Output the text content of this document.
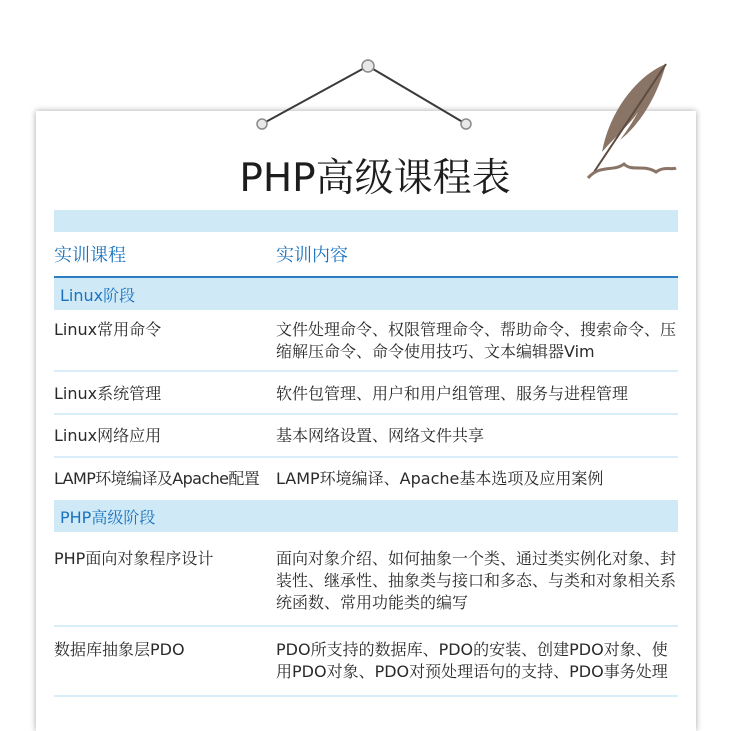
PHP高级课程表
实训课程	实训内容
Linux阶段
Linux常用命令	文件处理命令、权限管理命令、帮助命令、搜索命令、压缩解压命令、命令使用技巧、文本编辑器Vim
Linux系统管理	软件包管理、用户和用户组管理、服务与进程管理
Linux网络应用	基本网络设置、网络文件共享
LAMP环境编译及Apache配置	LAMP环境编译、Apache基本选项及应用案例
PHP高级阶段
PHP面向对象程序设计	面向对象介绍、如何抽象一个类、通过类实例化对象、封装性、继承性、抽象类与接口和多态、与类和对象相关系统函数、常用功能类的编写
数据库抽象层PDO	PDO所支持的数据库、PDO的安装、创建PDO对象、使用PDO对象、PDO对预处理语句的支持、PDO事务处理
